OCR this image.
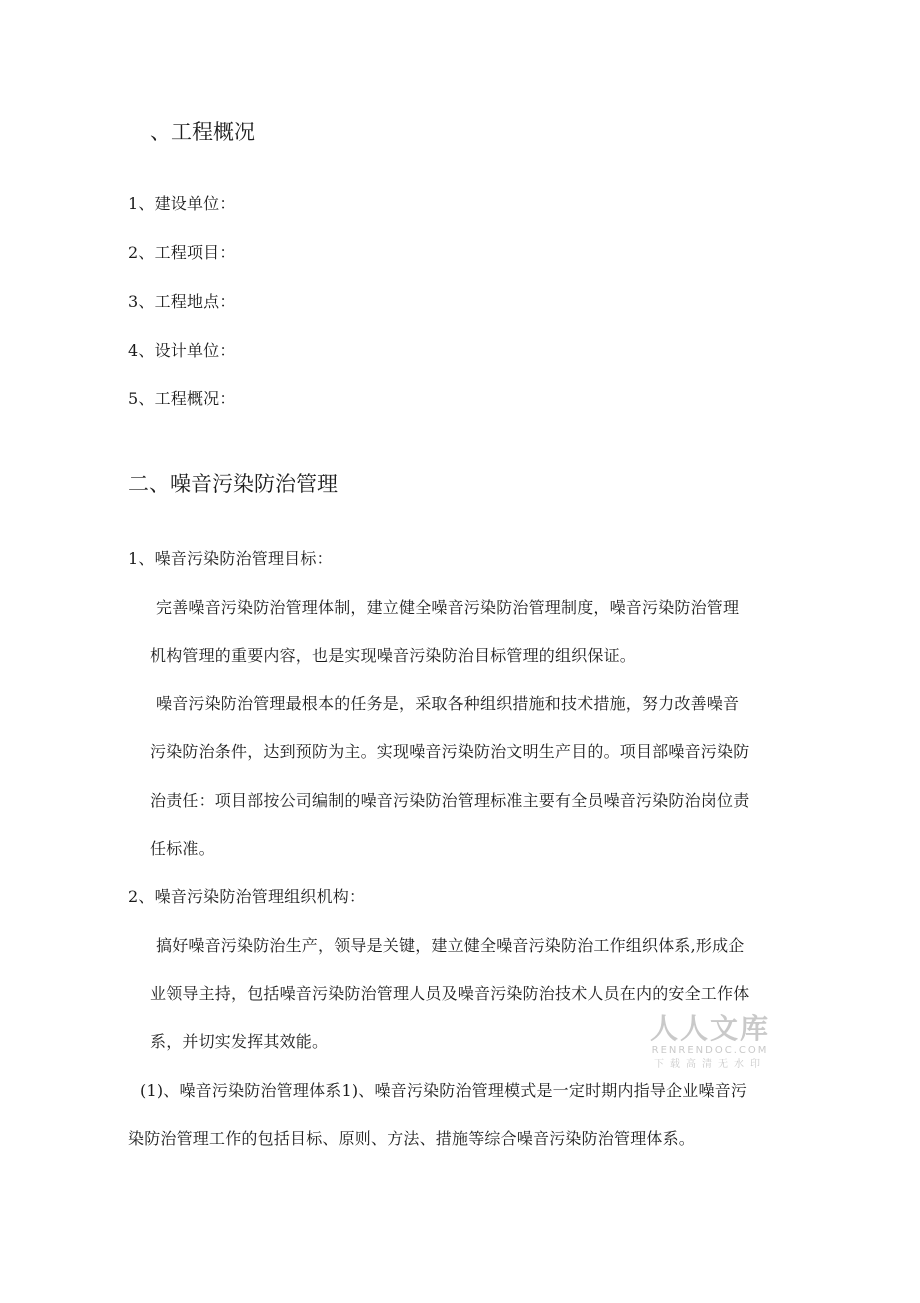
、工程概况
1、建设单位：
2、工程项目：
3、工程地点：
4、设计单位：
5、工程概况：
二、噪音污染防治管理
1、噪音污染防治管理目标：
完善噪音污染防治管理体制，建立健全噪音污染防治管理制度，噪音污染防治管理
机构管理的重要内容，也是实现噪音污染防治目标管理的组织保证。
噪音污染防治管理最根本的任务是，采取各种组织措施和技术措施，努力改善噪音
污染防治条件，达到预防为主。实现噪音污染防治文明生产目的。项目部噪音污染防
治责任：项目部按公司编制的噪音污染防治管理标准主要有全员噪音污染防治岗位责
任标准。
2、噪音污染防治管理组织机构：
搞好噪音污染防治生产，领导是关键，建立健全噪音污染防治工作组织体系,形成企
业领导主持，包括噪音污染防治管理人员及噪音污染防治技术人员在内的安全工作体
系，并切实发挥其效能。
(1)、噪音污染防治管理体系1)、噪音污染防治管理模式是一定时期内指导企业噪音污
染防治管理工作的包括目标、原则、方法、措施等综合噪音污染防治管理体系。
人人文库
RENRENDOC.COM
下载高清无水印
